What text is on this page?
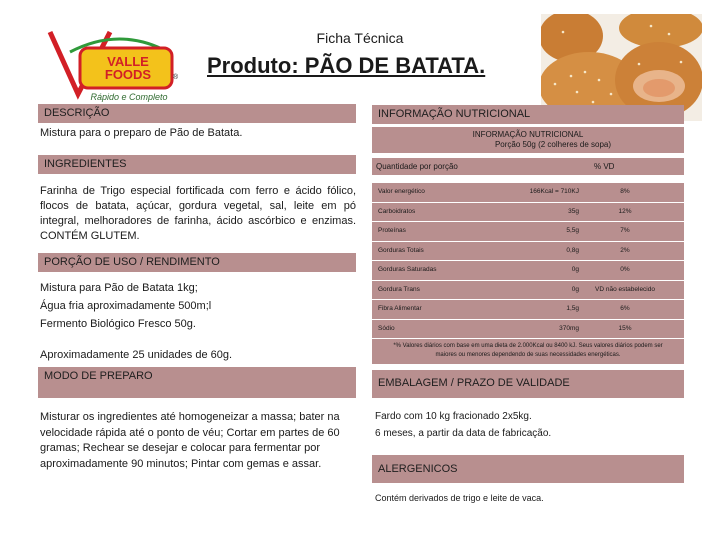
Ficha Técnica
Produto: PÃO DE BATATA.
VALLE FOODS	®
Rápido e Completo
DESCRIÇÃO
Mistura para o preparo de Pão de Batata.
INGREDIENTES
Farinha de Trigo especial fortificada com ferro e ácido fólico, flocos de batata, açúcar, gordura vegetal, sal, leite em pó integral, melhoradores de farinha, ácido ascórbico e enzimas. CONTÉM GLUTEM.
PORÇÃO DE USO / RENDIMENTO
Mistura para Pão de Batata 1kg;
Água fria aproximadamente 500m;l
Fermento Biológico Fresco 50g.
Aproximadamente 25 unidades de 60g.
MODO DE PREPARO
Misturar os ingredientes até homogeneizar a massa; bater na velocidade rápida até o ponto de véu; Cortar em partes de 60 gramas; Rechear se desejar e colocar para fermentar por aproximadamente 90 minutos; Pintar com gemas e assar.
INFORMAÇÃO NUTRICIONAL
INFORMAÇÃO NUTRICIONAL
Porção 50g (2 colheres de sopa)
Quantidade por porção	% VD
Valor energético	166Kcal = 710KJ	8%
Carboidratos	35g	12%
Proteínas	5,5g	7%
Gorduras Totais	0,8g	2%
Gorduras Saturadas	0g	0%
Gordura Trans	0g	VD não estabelecido
Fibra Alimentar	1,5g	6%
Sódio	370mg	15%
*% Valores diários com base em uma dieta de 2.000Kcal ou 8400 kJ. Seus valores diários podem ser maiores ou menores dependendo de suas necessidades energéticas.
EMBALAGEM / PRAZO DE VALIDADE
Fardo com 10 kg fracionado 2x5kg.
6 meses, a partir da data de fabricação.
ALERGENICOS
Contém derivados de trigo e leite de vaca.
